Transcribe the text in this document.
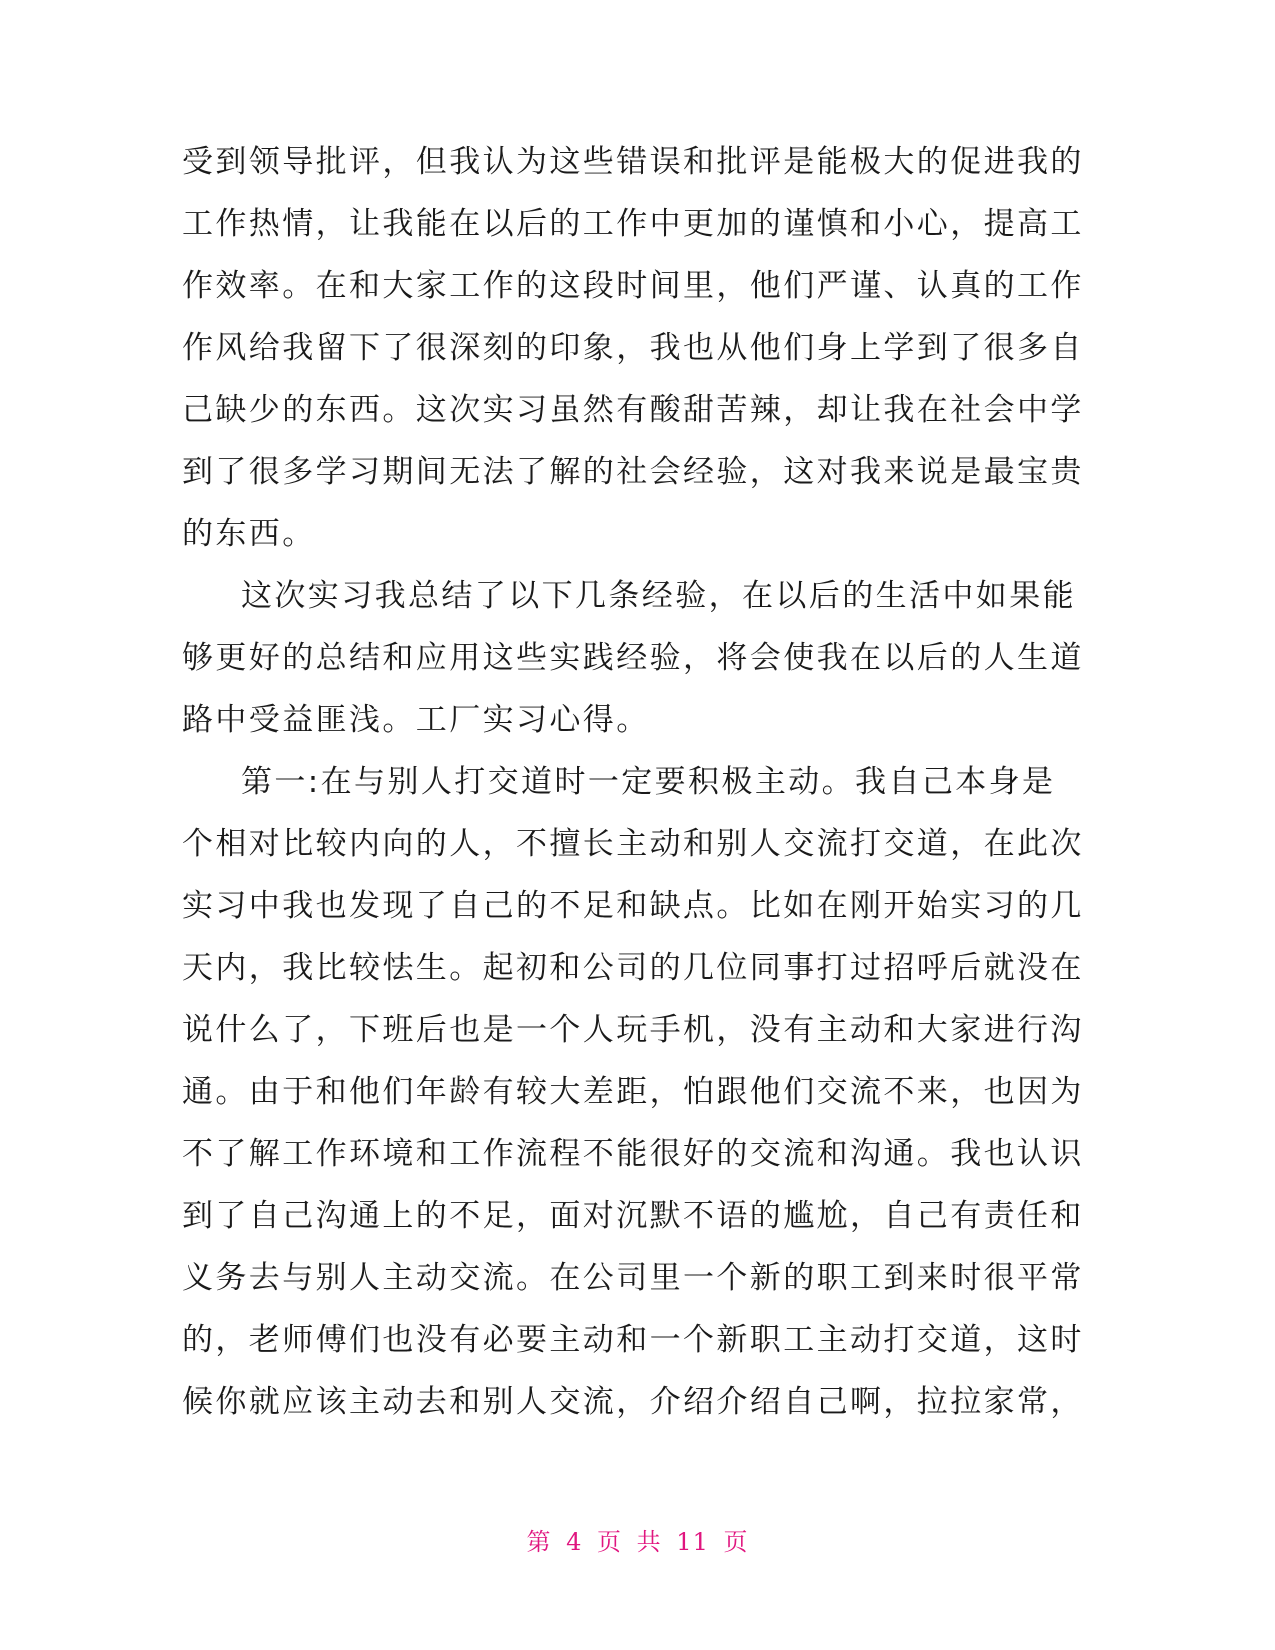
受到领导批评，但我认为这些错误和批评是能极大的促进我的
工作热情，让我能在以后的工作中更加的谨慎和小心，提高工
作效率。在和大家工作的这段时间里，他们严谨、认真的工作
作风给我留下了很深刻的印象，我也从他们身上学到了很多自
己缺少的东西。这次实习虽然有酸甜苦辣，却让我在社会中学
到了很多学习期间无法了解的社会经验，这对我来说是最宝贵
的东西。
这次实习我总结了以下几条经验，在以后的生活中如果能
够更好的总结和应用这些实践经验，将会使我在以后的人生道
路中受益匪浅。工厂实习心得。
第一:在与别人打交道时一定要积极主动。我自己本身是
个相对比较内向的人，不擅长主动和别人交流打交道，在此次
实习中我也发现了自己的不足和缺点。比如在刚开始实习的几
天内，我比较怯生。起初和公司的几位同事打过招呼后就没在
说什么了，下班后也是一个人玩手机，没有主动和大家进行沟
通。由于和他们年龄有较大差距，怕跟他们交流不来，也因为
不了解工作环境和工作流程不能很好的交流和沟通。我也认识
到了自己沟通上的不足，面对沉默不语的尴尬，自己有责任和
义务去与别人主动交流。在公司里一个新的职工到来时很平常
的，老师傅们也没有必要主动和一个新职工主动打交道，这时
候你就应该主动去和别人交流，介绍介绍自己啊，拉拉家常，
第 4 页 共 11 页
